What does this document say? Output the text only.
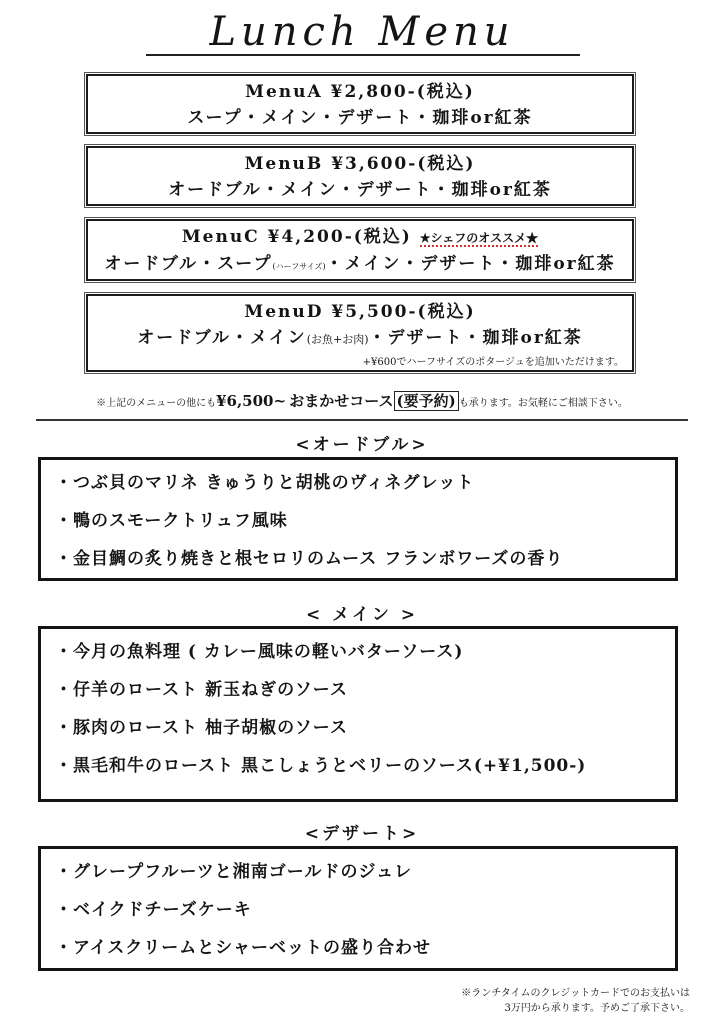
Lunch Menu
MenuA ¥2,800-(税込)
スープ・メイン・デザート・珈琲or紅茶
MenuB ¥3,600-(税込)
オードブル・メイン・デザート・珈琲or紅茶
MenuC ¥4,200-(税込) ★シェフのオススメ★
オードブル・スープ(ハーフサイズ)・メイン・デザート・珈琲or紅茶
MenuD ¥5,500-(税込)
オードブル・メイン(お魚+お肉)・デザート・珈琲or紅茶
+¥600でハーフサイズのポタージュを追加いただけます。
※上記のメニューの他にも¥6,500~ おまかせコース (要予約) も承ります。お気軽にご相談下さい。
<オードブル>
・つぶ貝のマリネ きゅうりと胡桃のヴィネグレット
・鴨のスモークトリュフ風味
・金目鯛の炙り焼きと根セロリのムース フランボワーズの香り
< メイン >
・今月の魚料理 ( カレー風味の軽いバターソース)
・仔羊のロースト 新玉ねぎのソース
・豚肉のロースト 柚子胡椒のソース
・黒毛和牛のロースト 黒こしょうとベリーのソース(+¥1,500-)
<デザート>
・グレープフルーツと湘南ゴールドのジュレ
・ベイクドチーズケーキ
・アイスクリームとシャーベットの盛り合わせ
※ランチタイムのクレジットカードでのお支払いは
3万円から承ります。予めご了承下さい。
